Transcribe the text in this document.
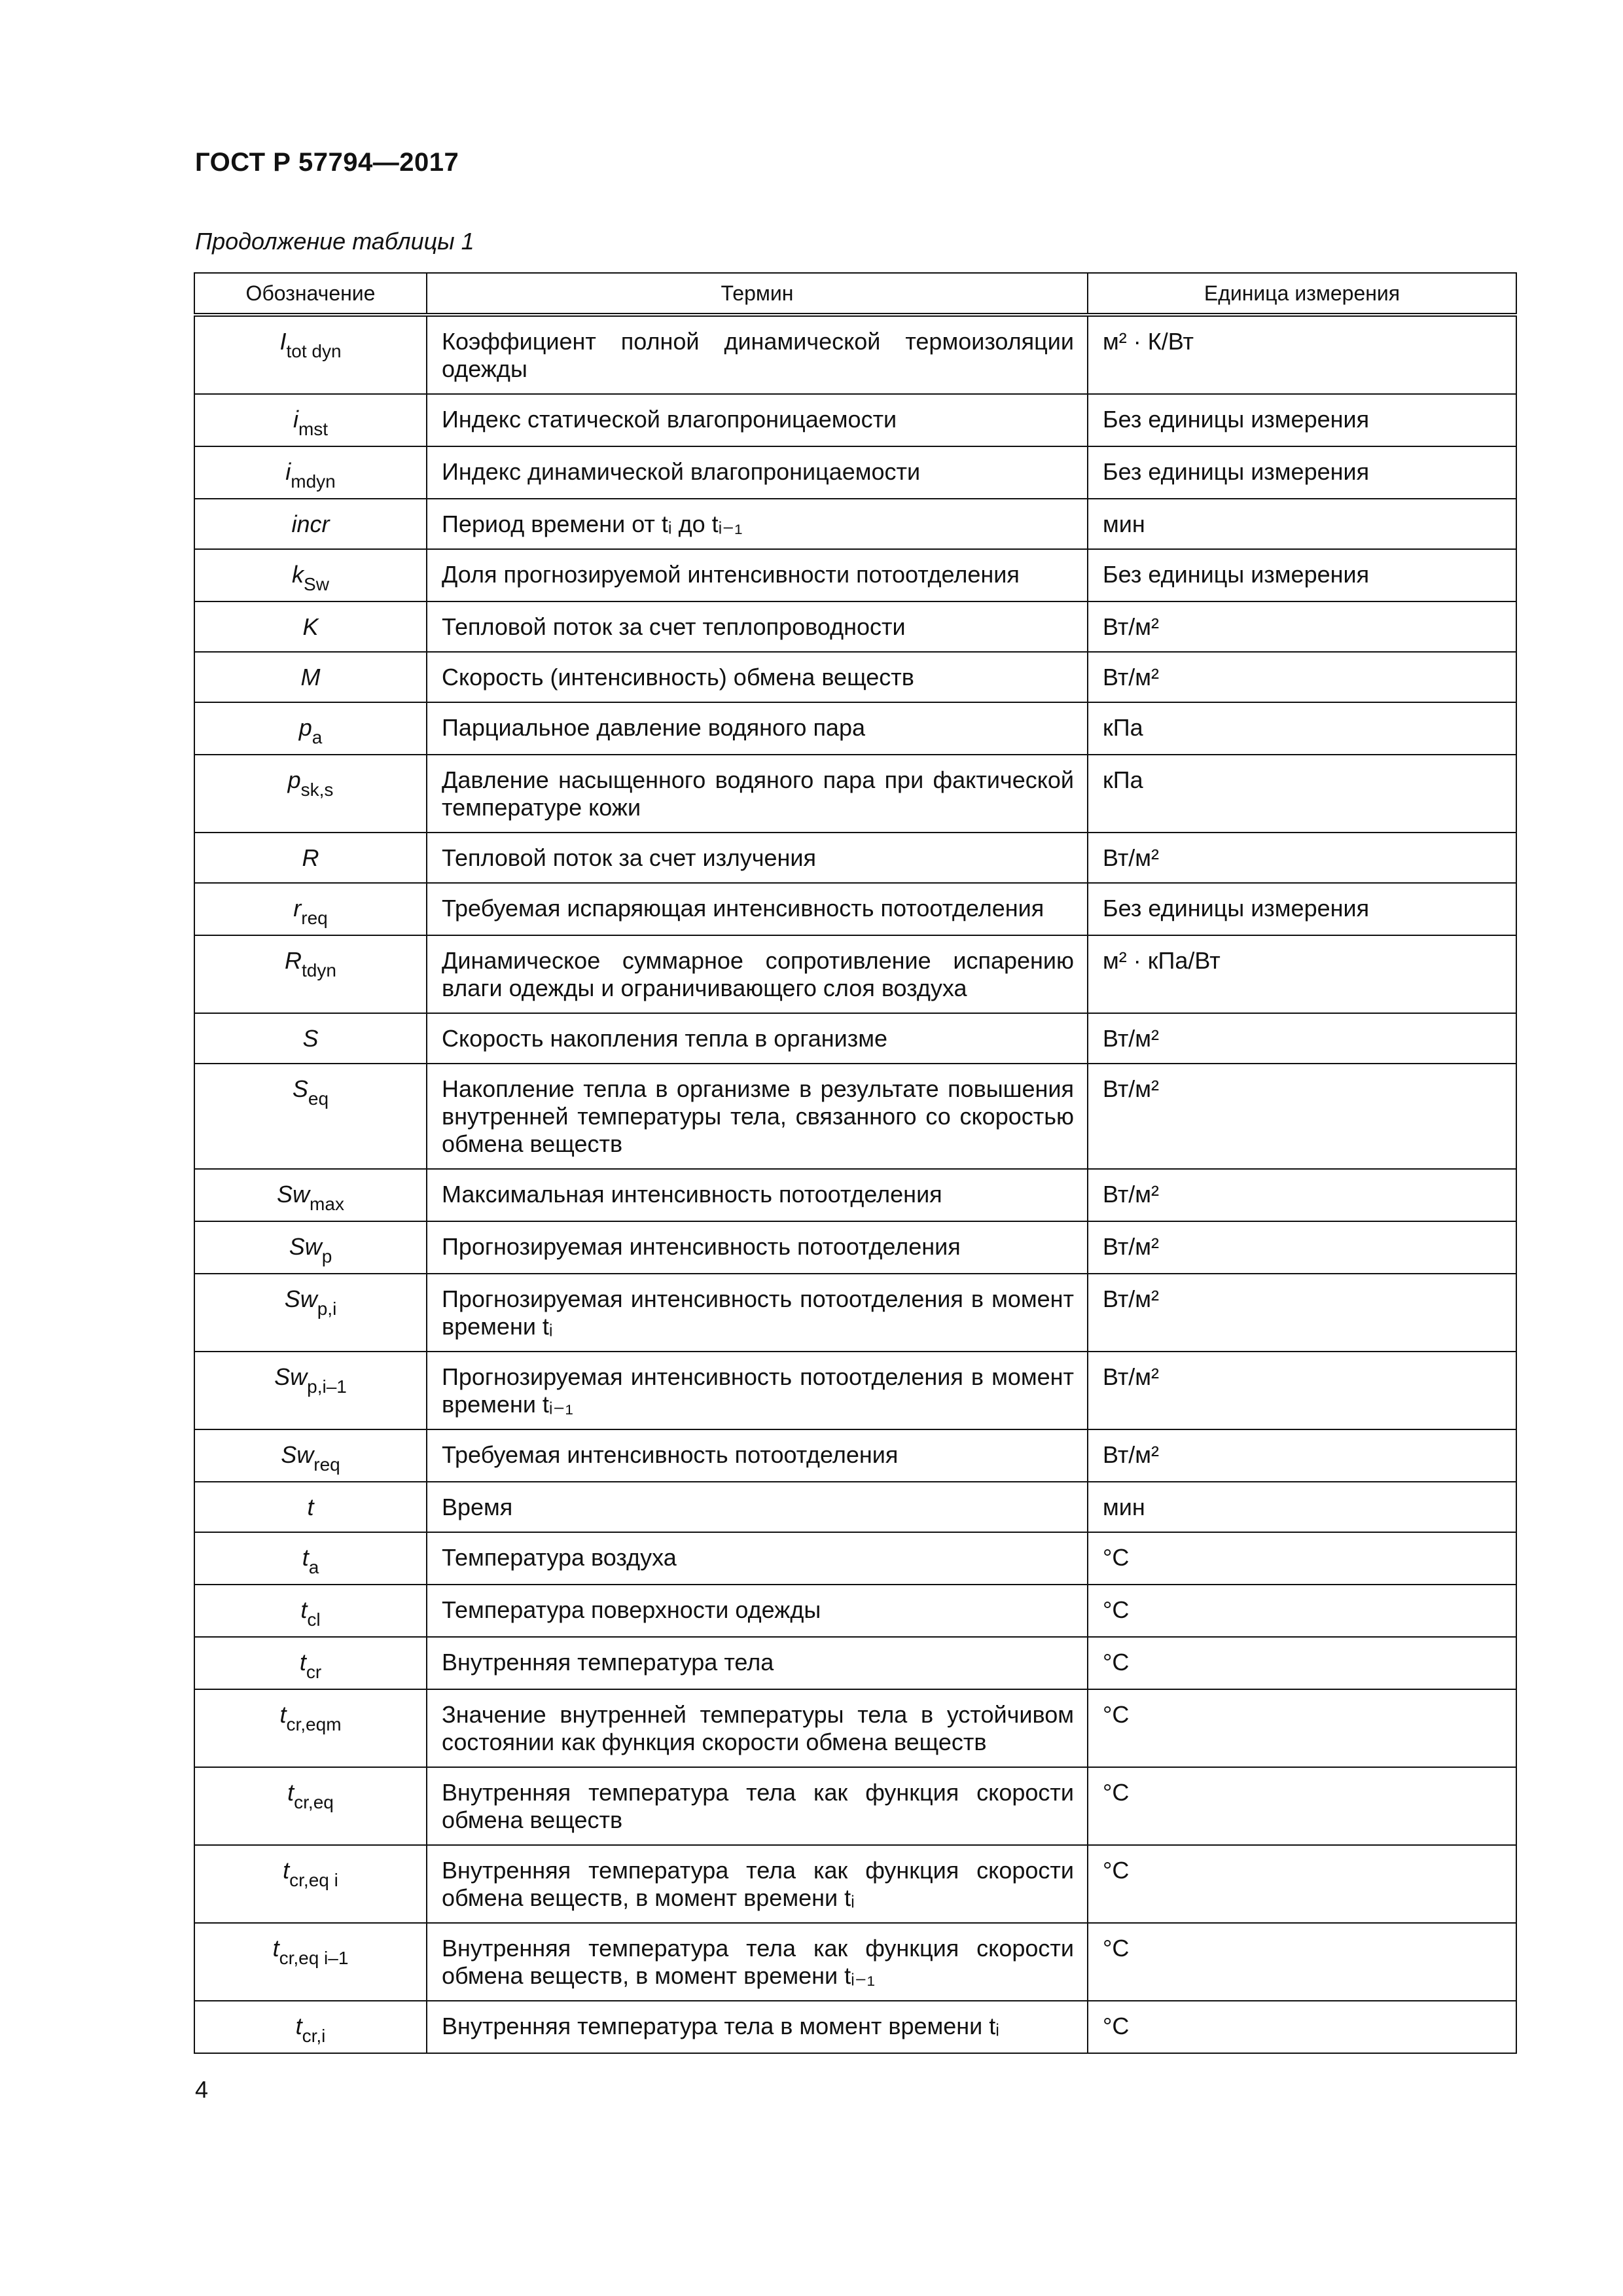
ГОСТ Р 57794—2017
Продолжение таблицы 1
Обозначение	Термин	Единица измерения
$I_{tot dyn}$	Коэффициент полной динамической термоизоляции одежды	м² · К/Вт
$i_{mst}$	Индекс статической влагопроницаемости	Без единицы измерения
$i_{mdyn}$	Индекс динамической влагопроницаемости	Без единицы измерения
incr	Период времени от tᵢ до tᵢ₋₁	мин
$k_{Sw}$	Доля прогнозируемой интенсивности потоотделения	Без единицы измерения
K	Тепловой поток за счет теплопроводности	Вт/м²
M	Скорость (интенсивность) обмена веществ	Вт/м²
$p_a$	Парциальное давление водяного пара	кПа
$p_{sk,s}$	Давление насыщенного водяного пара при фактической температуре кожи	кПа
R	Тепловой поток за счет излучения	Вт/м²
$r_{req}$	Требуемая испаряющая интенсивность потоотделения	Без единицы измерения
$R_{tdyn}$	Динамическое суммарное сопротивление испарению влаги одежды и ограничивающего слоя воздуха	м² · кПа/Вт
S	Скорость накопления тепла в организме	Вт/м²
$S_{eq}$	Накопление тепла в организме в результате повышения внутренней температуры тела, связанного со скоростью обмена веществ	Вт/м²
$Sw_{max}$	Максимальная интенсивность потоотделения	Вт/м²
$Sw_p$	Прогнозируемая интенсивность потоотделения	Вт/м²
$Sw_{p,i}$	Прогнозируемая интенсивность потоотделения в момент времени tᵢ	Вт/м²
$Sw_{p,i-1}$	Прогнозируемая интенсивность потоотделения в момент времени tᵢ₋₁	Вт/м²
$Sw_{req}$	Требуемая интенсивность потоотделения	Вт/м²
t	Время	мин
$t_a$	Температура воздуха	°С
$t_{cl}$	Температура поверхности одежды	°С
$t_{cr}$	Внутренняя температура тела	°С
$t_{cr,eqm}$	Значение внутренней температуры тела в устойчивом состоянии как функция скорости обмена веществ	°С
$t_{cr,eq}$	Внутренняя температура тела как функция скорости обмена веществ	°С
$t_{cr,eq i}$	Внутренняя температура тела как функция скорости обмена веществ, в момент времени tᵢ	°С
$t_{cr,eq i-1}$	Внутренняя температура тела как функция скорости обмена веществ, в момент времени tᵢ₋₁	°С
$t_{cr,i}$	Внутренняя температура тела в момент времени tᵢ	°С
4
